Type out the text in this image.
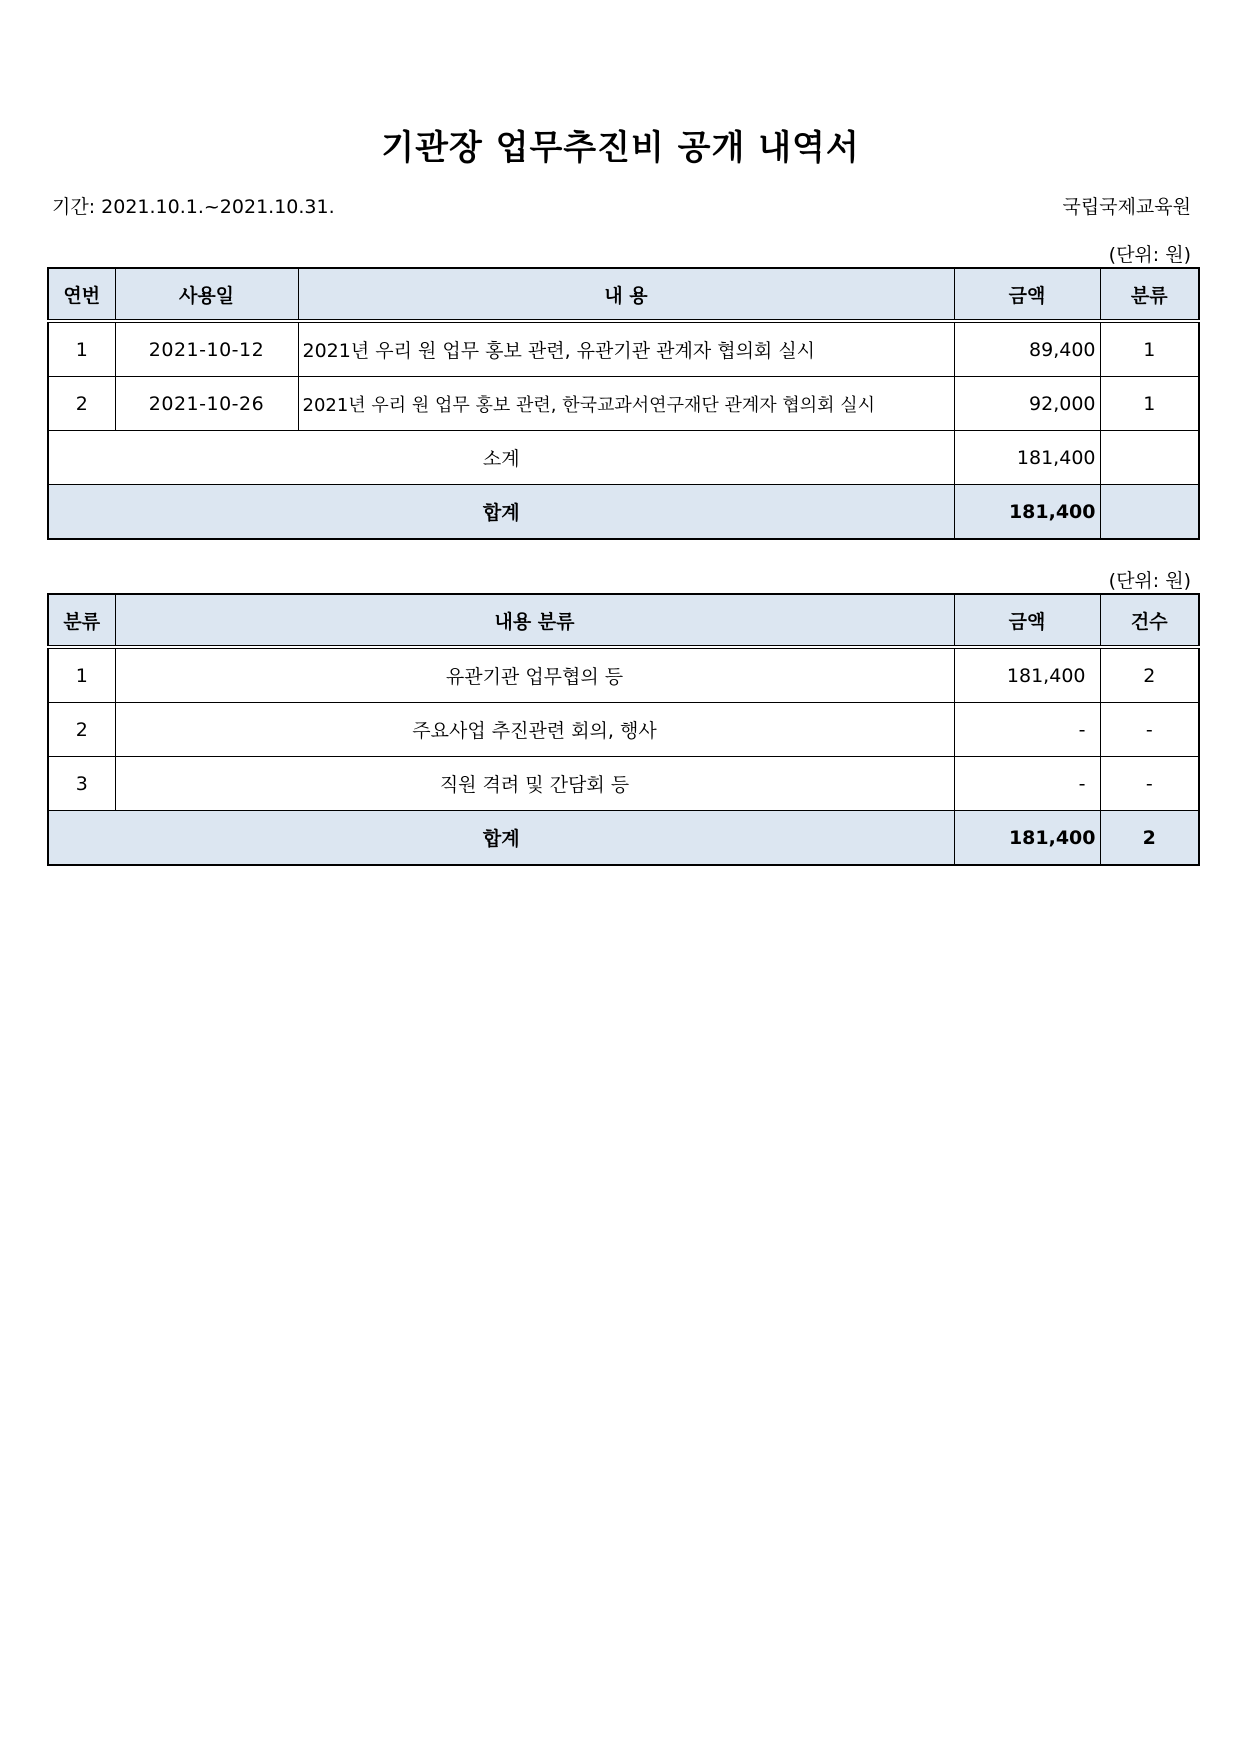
기관장 업무추진비 공개 내역서
기간: 2021.10.1.~2021.10.31.	국립국제교육원
(단위: 원)
연번	사용일	내 용	금액	분류
1	2021-10-12	2021년 우리 원 업무 홍보 관련, 유관기관 관계자 협의회 실시	89,400	1
2	2021-10-26	2021년 우리 원 업무 홍보 관련, 한국교과서연구재단 관계자 협의회 실시	92,000	1
소계			181,400	
합계			181,400	
(단위: 원)
분류	내용 분류	금액	건수
1	유관기관 업무협의 등	181,400	2
2	주요사업 추진관련 회의, 행사	-	-
3	직원 격려 및 간담회 등	-	-
합계		181,400	2
